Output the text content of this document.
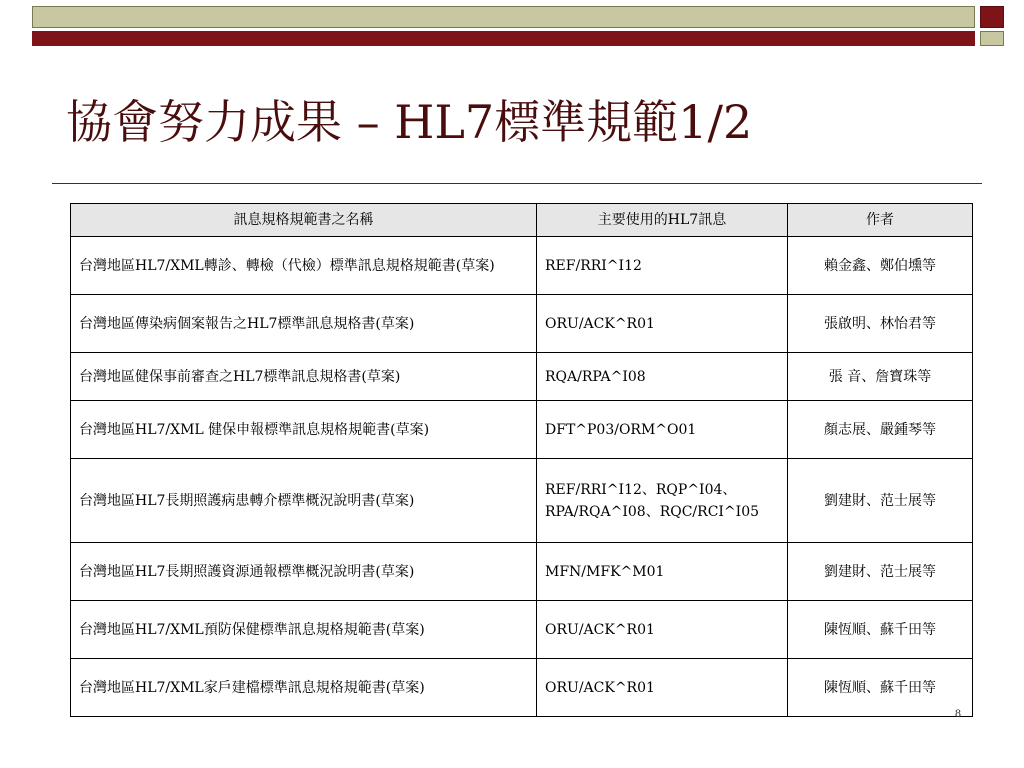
協會努力成果 – HL7標準規範1/2
訊息規格規範書之名稱	主要使用的HL7訊息	作者
台灣地區HL7/XML轉診、轉檢（代檢）標準訊息規格規範書(草案)	REF/RRI^I12	賴金鑫、鄭伯壎等
台灣地區傳染病個案報告之HL7標準訊息規格書(草案)	ORU/ACK^R01	張啟明、林怡君等
台灣地區健保事前審查之HL7標準訊息規格書(草案)	RQA/RPA^I08	張 音、詹寶珠等
台灣地區HL7/XML 健保申報標準訊息規格規範書(草案)	DFT^P03/ORM^O01	顏志展、嚴鍾琴等
台灣地區HL7長期照護病患轉介標準概況說明書(草案)	REF/RRI^I12、RQP^I04、RPA/RQA^I08、RQC/RCI^I05	劉建財、范士展等
台灣地區HL7長期照護資源通報標準概況說明書(草案)	MFN/MFK^M01	劉建財、范士展等
台灣地區HL7/XML預防保健標準訊息規格規範書(草案)	ORU/ACK^R01	陳恆順、蘇千田等
台灣地區HL7/XML家戶建檔標準訊息規格規範書(草案)	ORU/ACK^R01	陳恆順、蘇千田等
8
